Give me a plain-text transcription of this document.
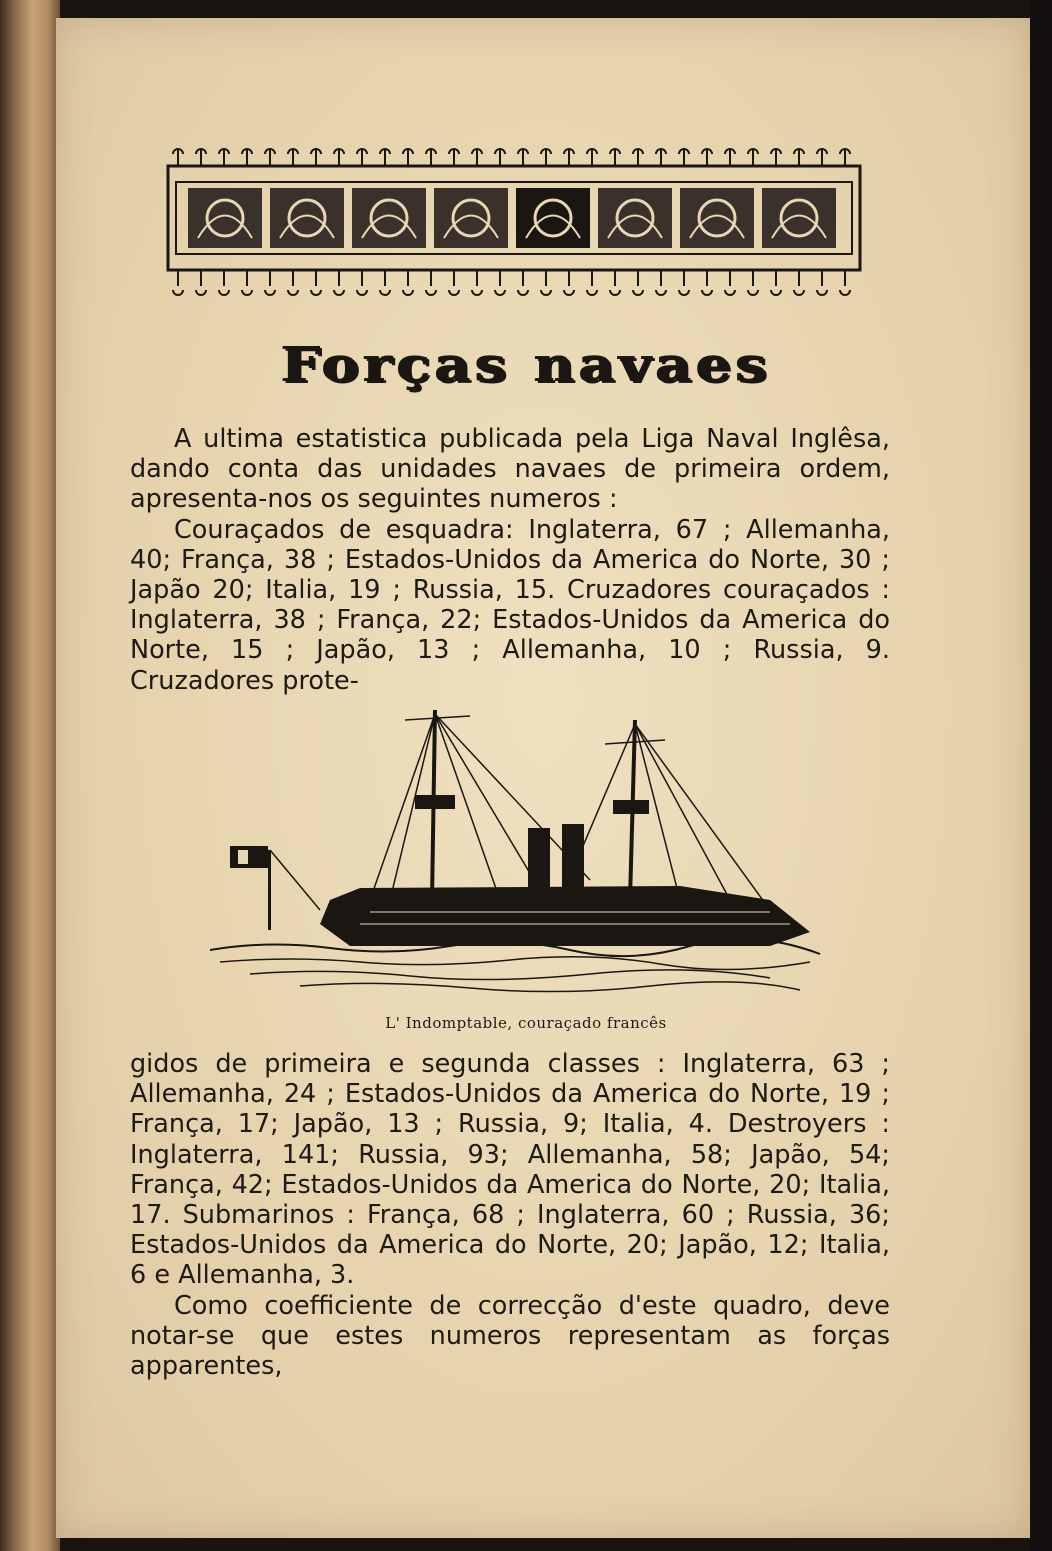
Forças navaes

A ultima estatistica publicada pela Liga Naval Inglêsa, dando conta das unidades navaes de primeira ordem, apresenta-nos os seguintes numeros :

Couraçados de esquadra: Inglaterra, 67 ; Allemanha, 40; França, 38 ; Estados-Unidos da America do Norte, 30 ; Japão 20; Italia, 19 ; Russia, 15. Cruzadores couraçados : Inglaterra, 38 ; França, 22; Estados-Unidos da America do Norte, 15 ; Japão, 13 ; Allemanha, 10 ; Russia, 9. Cruzadores prote-

L' Indomptable, couraçado francês

gidos de primeira e segunda classes : Inglaterra, 63 ; Allemanha, 24 ; Estados-Unidos da America do Norte, 19 ; França, 17; Japão, 13 ; Russia, 9; Italia, 4. Destroyers : Inglaterra, 141; Russia, 93; Allemanha, 58; Japão, 54; França, 42; Estados-Unidos da America do Norte, 20; Italia, 17. Submarinos : França, 68 ; Inglaterra, 60 ; Russia, 36; Estados-Unidos da America do Norte, 20; Japão, 12; Italia, 6 e Allemanha, 3.

Como coefficiente de correcção d'este quadro, deve notar-se que estes numeros representam as forças apparentes,
